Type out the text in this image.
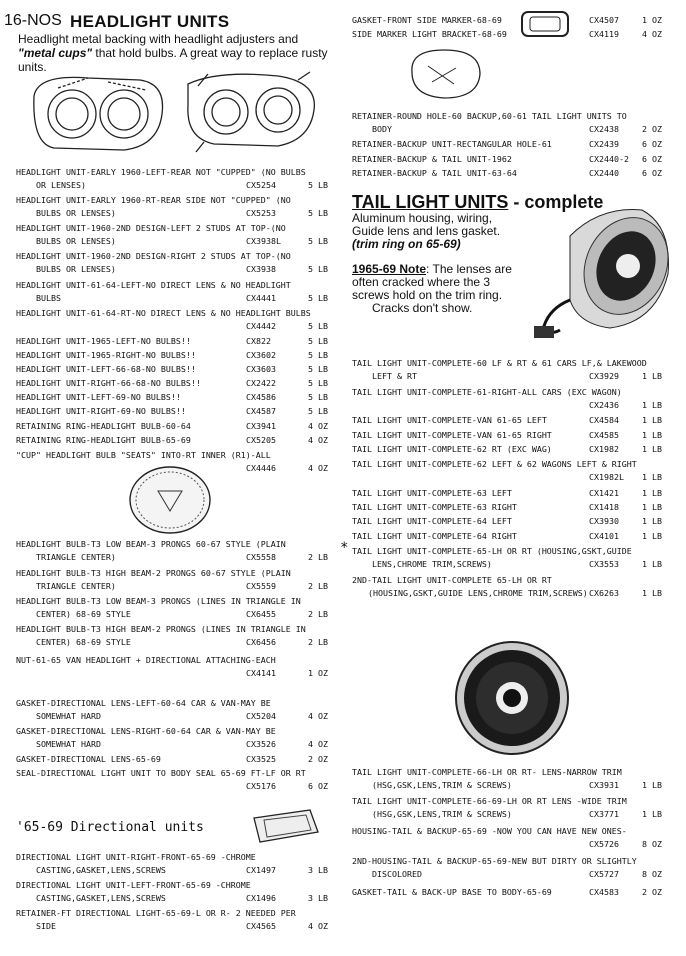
16-NOS HEADLIGHT UNITS
Headlight metal backing with headlight adjusters and "metal cups" that hold bulbs. A great way to replace rusty units.
'65-69 Directional units
HEADLIGHT UNIT-EARLY 1960-LEFT-REAR NOT "CUPPED" (NO BULBS
OR LENSES)	CX5254	5 LB
HEADLIGHT UNIT-EARLY 1960-RT-REAR SIDE NOT "CUPPED" (NO
BULBS OR LENSES)	CX5253	5 LB
HEADLIGHT UNIT-1960-2ND DESIGN-LEFT 2 STUDS AT TOP-(NO
BULBS OR LENSES)	CX3938L	5 LB
HEADLIGHT UNIT-1960-2ND DESIGN-RIGHT 2 STUDS AT TOP-(NO
BULBS OR LENSES)	CX3938	5 LB
HEADLIGHT UNIT-61-64-LEFT-NO DIRECT LENS & NO HEADLIGHT
BULBS	CX4441	5 LB
HEADLIGHT UNIT-61-64-RT-NO DIRECT LENS & NO HEADLIGHT BULBS
CX4442	5 LB
HEADLIGHT UNIT-1965-LEFT-NO BULBS!!	CX822	5 LB
HEADLIGHT UNIT-1965-RIGHT-NO BULBS!!	CX3602	5 LB
HEADLIGHT UNIT-LEFT-66-68-NO BULBS!!	CX3603	5 LB
HEADLIGHT UNIT-RIGHT-66-68-NO BULBS!!	CX2422	5 LB
HEADLIGHT UNIT-LEFT-69-NO BULBS!!	CX4586	5 LB
HEADLIGHT UNIT-RIGHT-69-NO BULBS!!	CX4587	5 LB
RETAINING RING-HEADLIGHT BULB-60-64	CX3941	4 OZ
RETAINING RING-HEADLIGHT BULB-65-69	CX5205	4 OZ
"CUP" HEADLIGHT BULB "SEATS" INTO-RT INNER (R1)-ALL
CX4446	4 OZ
HEADLIGHT BULB-T3 LOW BEAM-3 PRONGS 60-67 STYLE (PLAIN
TRIANGLE CENTER)	CX5558	2 LB
HEADLIGHT BULB-T3 HIGH BEAM-2 PRONGS 60-67 STYLE (PLAIN
TRIANGLE CENTER)	CX5559	2 LB
HEADLIGHT BULB-T3 LOW BEAM-3 PRONGS (LINES IN TRIANGLE IN
CENTER) 68-69 STYLE	CX6455	2 LB
HEADLIGHT BULB-T3 HIGH BEAM-2 PRONGS (LINES IN TRIANGLE IN
CENTER) 68-69 STYLE	CX6456	2 LB
NUT-61-65 VAN HEADLIGHT + DIRECTIONAL ATTACHING-EACH
CX4141	1 OZ
GASKET-DIRECTIONAL LENS-LEFT-60-64 CAR & VAN-MAY BE
SOMEWHAT HARD	CX5204	4 OZ
GASKET-DIRECTIONAL LENS-RIGHT-60-64 CAR & VAN-MAY BE
SOMEWHAT HARD	CX3526	4 OZ
GASKET-DIRECTIONAL LENS-65-69	CX3525	2 OZ
SEAL-DIRECTIONAL LIGHT UNIT TO BODY SEAL 65-69 FT-LF OR RT
CX5176	6 OZ
DIRECTIONAL LIGHT UNIT-RIGHT-FRONT-65-69 -CHROME
CASTING,GASKET,LENS,SCREWS	CX1497	3 LB
DIRECTIONAL LIGHT UNIT-LEFT-FRONT-65-69 -CHROME
CASTING,GASKET,LENS,SCREWS	CX1496	3 LB
RETAINER-FT DIRECTIONAL LIGHT-65-69-L OR R- 2 NEEDED PER
SIDE	CX4565	4 OZ
TAIL LIGHT UNITS - complete
Aluminum housing, wiring, Guide lens and lens gasket.
(trim ring on 65-69)
1965-69 Note: The lenses are often cracked where the 3 screws hold on the trim ring.
Cracks don't show.
GASKET-FRONT SIDE MARKER-68-69	CX4507	1 OZ
SIDE MARKER LIGHT BRACKET-68-69	CX4119	4 OZ
RETAINER-ROUND HOLE-60 BACKUP,60-61 TAIL LIGHT UNITS TO
BODY	CX2438	2 OZ
RETAINER-BACKUP UNIT-RECTANGULAR HOLE-61	CX2439	6 OZ
RETAINER-BACKUP & TAIL UNIT-1962	CX2440-2	6 OZ
RETAINER-BACKUP & TAIL UNIT-63-64	CX2440	6 OZ
TAIL LIGHT UNIT-COMPLETE-60 LF & RT & 61 CARS LF,& LAKEWOOD
LEFT & RT	CX3929	1 LB
TAIL LIGHT UNIT-COMPLETE-61-RIGHT-ALL CARS (EXC WAGON)
CX2436	1 LB
TAIL LIGHT UNIT-COMPLETE-VAN 61-65 LEFT	CX4584	1 LB
TAIL LIGHT UNIT-COMPLETE-VAN 61-65 RIGHT	CX4585	1 LB
TAIL LIGHT UNIT-COMPLETE-62 RT (EXC WAG)	CX1982	1 LB
TAIL LIGHT UNIT-COMPLETE-62 LEFT & 62 WAGONS LEFT & RIGHT
CX1982L	1 LB
TAIL LIGHT UNIT-COMPLETE-63 LEFT	CX1421	1 LB
TAIL LIGHT UNIT-COMPLETE-63 RIGHT	CX1418	1 LB
TAIL LIGHT UNIT-COMPLETE-64 LEFT	CX3930	1 LB
TAIL LIGHT UNIT-COMPLETE-64 RIGHT	CX4101	1 LB
TAIL LIGHT UNIT-COMPLETE-65-LH OR RT (HOUSING,GSKT,GUIDE
LENS,CHROME TRIM,SCREWS)	CX3553	1 LB
*
2ND-TAIL LIGHT UNIT-COMPLETE 65-LH OR RT
(HOUSING,GSKT,GUIDE LENS,CHROME TRIM,SCREWS) CX6263	1 LB
TAIL LIGHT UNIT-COMPLETE-66-LH OR RT- LENS-NARROW TRIM
(HSG,GSK,LENS,TRIM & SCREWS)	CX3931	1 LB
TAIL LIGHT UNIT-COMPLETE-66-69-LH OR RT LENS -WIDE TRIM
(HSG,GSK,LENS,TRIM & SCREWS)	CX3771	1 LB
HOUSING-TAIL & BACKUP-65-69 -NOW YOU CAN HAVE NEW ONES-
CX5726	8 OZ
2ND-HOUSING-TAIL & BACKUP-65-69-NEW BUT DIRTY OR SLIGHTLY
DISCOLORED	CX5727	8 OZ
GASKET-TAIL & BACK-UP BASE TO BODY-65-69	CX4583	2 OZ
